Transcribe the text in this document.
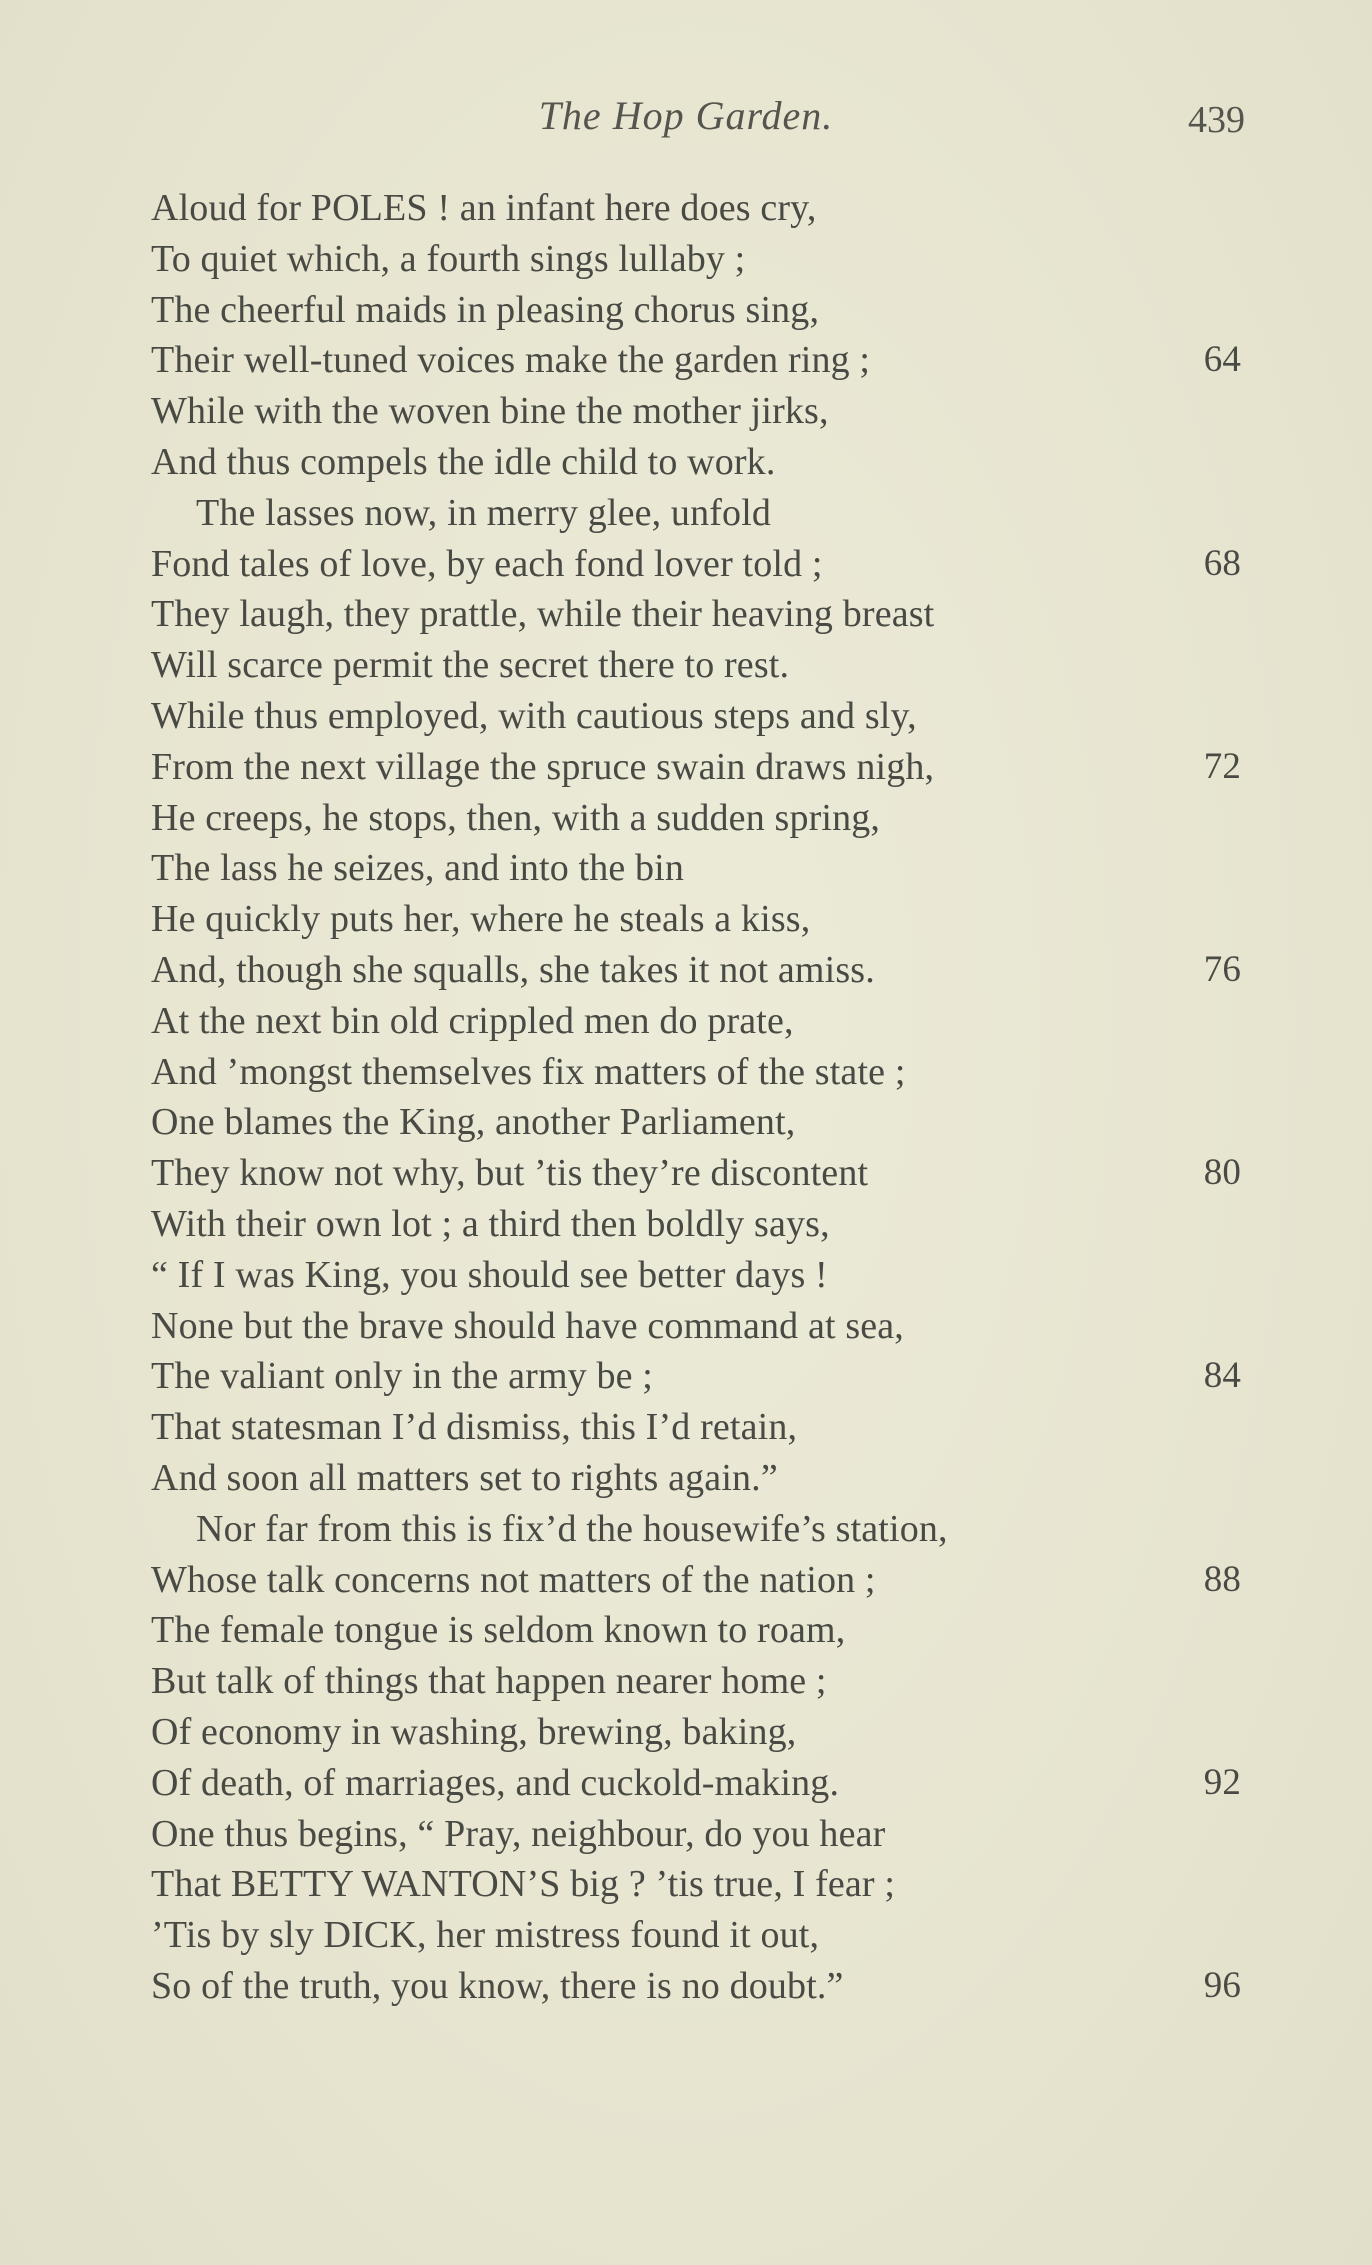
The Hop Garden.	439
Aloud for POLES ! an infant here does cry,
To quiet which, a fourth sings lullaby ;
The cheerful maids in pleasing chorus sing,
Their well-tuned voices make the garden ring ;	64
While with the woven bine the mother jirks,
And thus compels the idle child to work.
The lasses now, in merry glee, unfold
Fond tales of love, by each fond lover told ;	68
They laugh, they prattle, while their heaving breast
Will scarce permit the secret there to rest.
While thus employed, with cautious steps and sly,
From the next village the spruce swain draws nigh,	72
He creeps, he stops, then, with a sudden spring,
The lass he seizes, and into the bin
He quickly puts her, where he steals a kiss,
And, though she squalls, she takes it not amiss.	76
At the next bin old crippled men do prate,
And ’mongst themselves fix matters of the state ;
One blames the King, another Parliament,
They know not why, but ’tis they’re discontent	80
With their own lot ; a third then boldly says,
“ If I was King, you should see better days !
None but the brave should have command at sea,
The valiant only in the army be ;	84
That statesman I’d dismiss, this I’d retain,
And soon all matters set to rights again.”
Nor far from this is fix’d the housewife’s station,
Whose talk concerns not matters of the nation ;	88
The female tongue is seldom known to roam,
But talk of things that happen nearer home ;
Of economy in washing, brewing, baking,
Of death, of marriages, and cuckold-making.	92
One thus begins, “ Pray, neighbour, do you hear
That BETTY WANTON’S big ? ’tis true, I fear ;
’Tis by sly DICK, her mistress found it out,
So of the truth, you know, there is no doubt.”	96
